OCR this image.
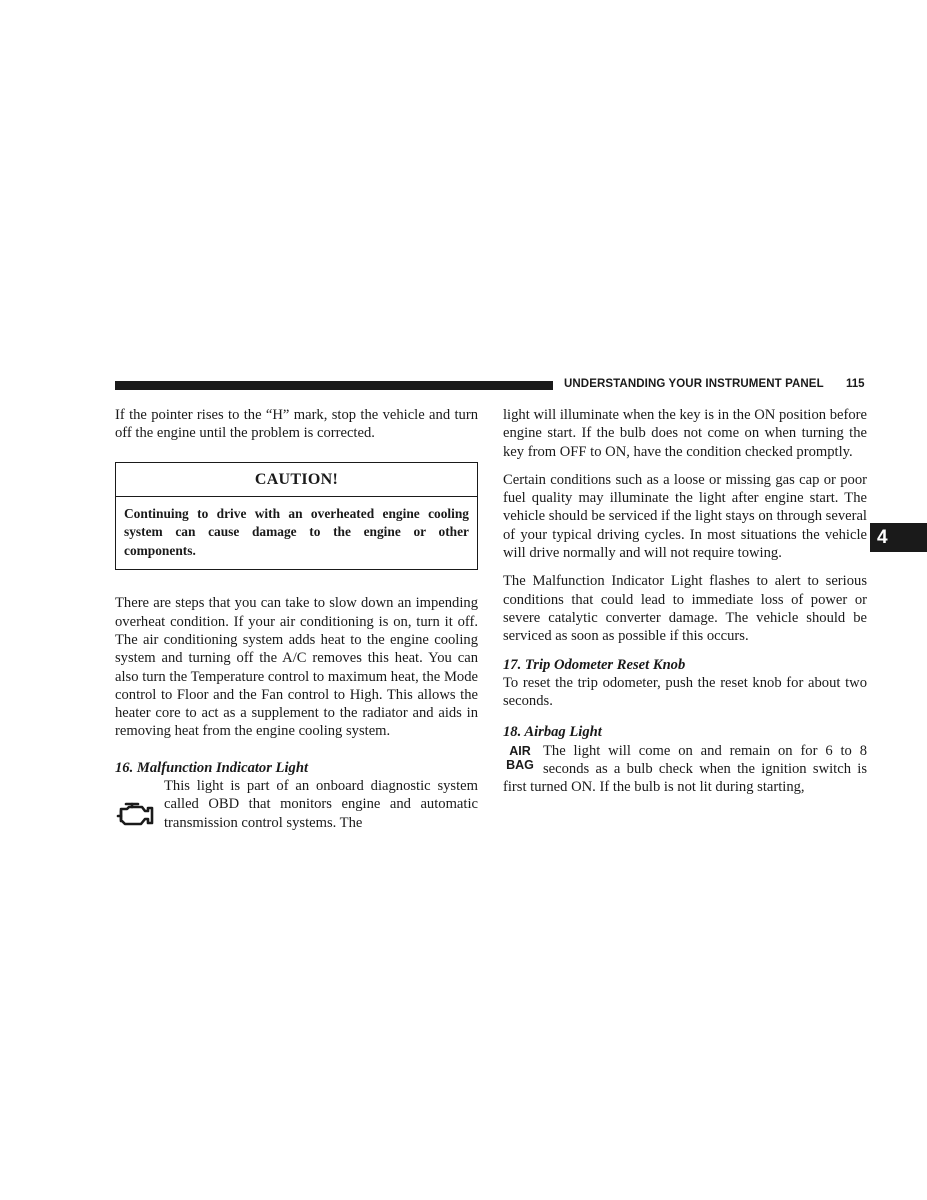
UNDERSTANDING YOUR INSTRUMENT PANEL 115
4

If the pointer rises to the “H” mark, stop the vehicle and turn off the engine until the problem is corrected.

CAUTION!
Continuing to drive with an overheated engine cooling system can cause damage to the engine or other components.

There are steps that you can take to slow down an impending overheat condition. If your air conditioning is on, turn it off. The air conditioning system adds heat to the engine cooling system and turning off the A/C removes this heat. You can also turn the Temperature control to maximum heat, the Mode control to Floor and the Fan control to High. This allows the heater core to act as a supplement to the radiator and aids in removing heat from the engine cooling system.

16. Malfunction Indicator Light
This light is part of an onboard diagnostic system called OBD that monitors engine and automatic transmission control systems. The

light will illuminate when the key is in the ON position before engine start. If the bulb does not come on when turning the key from OFF to ON, have the condition checked promptly.

Certain conditions such as a loose or missing gas cap or poor fuel quality may illuminate the light after engine start. The vehicle should be serviced if the light stays on through several of your typical driving cycles. In most situations the vehicle will drive normally and will not require towing.

The Malfunction Indicator Light flashes to alert to serious conditions that could lead to immediate loss of power or severe catalytic converter damage. The vehicle should be serviced as soon as possible if this occurs.

17. Trip Odometer Reset Knob

To reset the trip odometer, push the reset knob for about two seconds.

18. Airbag Light
AIR
BAG
The light will come on and remain on for 6 to 8 seconds as a bulb check when the ignition switch is first turned ON. If the bulb is not lit during starting,
